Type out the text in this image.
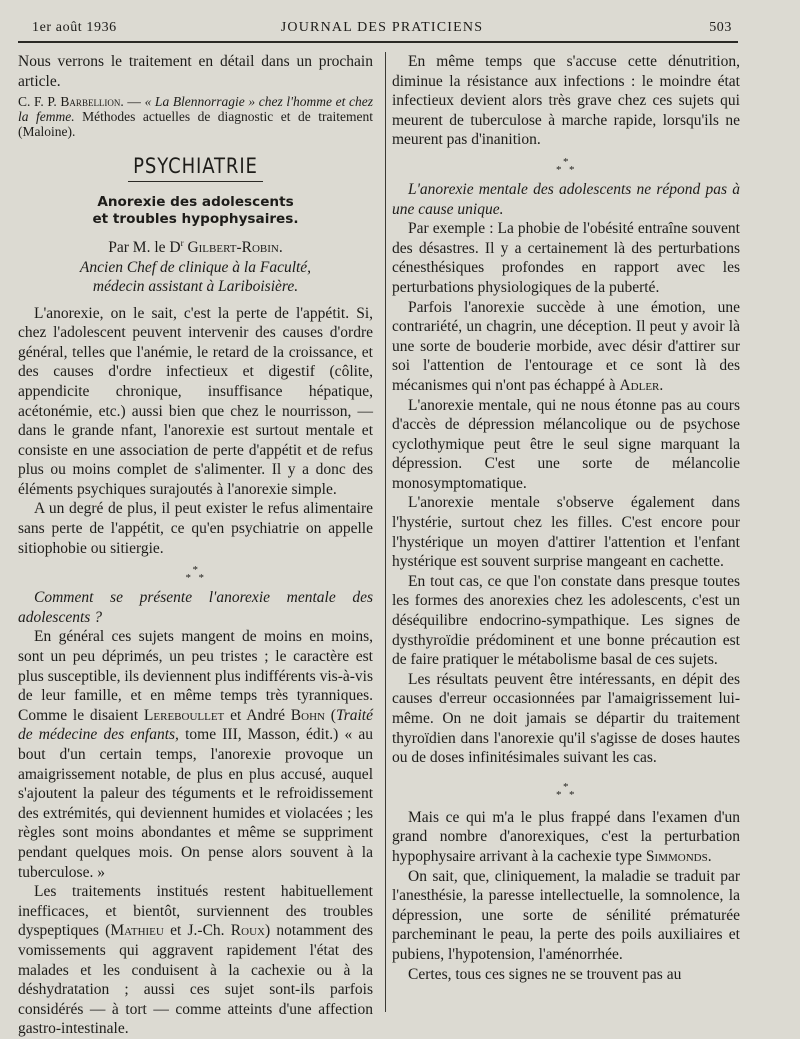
1er août 1936	JOURNAL DES PRATICIENS	503

Nous verrons le traitement en détail dans un prochain article.

C. F. P. Barbellion. — « La Blennorragie » chez l'homme et chez la femme. Méthodes actuelles de diagnostic et de traitement (Maloine).

PSYCHIATRIE
Anorexie des adolescents
et troubles hypophysaires.
Par M. le $D^r$ Gilbert-Robin.
Ancien Chef de clinique à la Faculté,
médecin assistant à Lariboisière.

L'anorexie, on le sait, c'est la perte de l'appétit. Si, chez l'adolescent peuvent intervenir des causes d'ordre général, telles que l'anémie, le retard de la croissance, et des causes d'ordre infectieux et digestif (côlite, appendicite chronique, insuffisance hépatique, acétonémie, etc.) aussi bien que chez le nourrisson, — dans le grande nfant, l'anorexie est surtout mentale et consiste en une association de perte d'appétit et de refus plus ou moins complet de s'alimenter. Il y a donc des éléments psychiques surajoutés à l'anorexie simple.

A un degré de plus, il peut exister le refus alimentaire sans perte de l'appétit, ce qu'en psychiatrie on appelle sitiophobie ou sitiergie.

*
* *

Comment se présente l'anorexie mentale des adolescents ?

En général ces sujets mangent de moins en moins, sont un peu déprimés, un peu tristes ; le caractère est plus susceptible, ils deviennent plus indifférents vis-à-vis de leur famille, et en même temps très tyranniques. Comme le disaient Lereboullet et André Bohn (Traité de médecine des enfants, tome III, Masson, édit.) « au bout d'un certain temps, l'anorexie provoque un amaigrissement notable, de plus en plus accusé, auquel s'ajoutent la paleur des téguments et le refroidissement des extrémités, qui deviennent humides et violacées ; les règles sont moins abondantes et même se suppriment pendant quelques mois. On pense alors souvent à la tuberculose. »

Les traitements institués restent habituellement inefficaces, et bientôt, surviennent des troubles dyspeptiques (Mathieu et J.-Ch. Roux) notamment des vomissements qui aggravent rapidement l'état des malades et les conduisent à la cachexie ou à la déshydratation ; aussi ces sujet sont-ils parfois considérés — à tort — comme atteints d'une affection gastro-intestinale.

En même temps que s'accuse cette dénutrition, diminue la résistance aux infections : le moindre état infectieux devient alors très grave chez ces sujets qui meurent de tuberculose à marche rapide, lorsqu'ils ne meurent pas d'inanition.

*
* *

L'anorexie mentale des adolescents ne répond pas à une cause unique.

Par exemple : La phobie de l'obésité entraîne souvent des désastres. Il y a certainement là des perturbations cénesthésiques profondes en rapport avec les perturbations physiologiques de la puberté.

Parfois l'anorexie succède à une émotion, une contrariété, un chagrin, une déception. Il peut y avoir là une sorte de bouderie morbide, avec désir d'attirer sur soi l'attention de l'entourage et ce sont là des mécanismes qui n'ont pas échappé à Adler.

L'anorexie mentale, qui ne nous étonne pas au cours d'accès de dépression mélancolique ou de psychose cyclothymique peut être le seul signe marquant la dépression. C'est une sorte de mélancolie monosymptomatique.

L'anorexie mentale s'observe également dans l'hystérie, surtout chez les filles. C'est encore pour l'hystérique un moyen d'attirer l'attention et l'enfant hystérique est souvent surprise mangeant en cachette.

En tout cas, ce que l'on constate dans presque toutes les formes des anorexies chez les adolescents, c'est un déséquilibre endocrino-sympathique. Les signes de dysthyroïdie prédominent et une bonne précaution est de faire pratiquer le métabolisme basal de ces sujets.

Les résultats peuvent être intéressants, en dépit des causes d'erreur occasionnées par l'amaigrissement lui-même. On ne doit jamais se départir du traitement thyroïdien dans l'anorexie qu'il s'agisse de doses hautes ou de doses infinitésimales suivant les cas.

*
* *

Mais ce qui m'a le plus frappé dans l'examen d'un grand nombre d'anorexiques, c'est la perturbation hypophysaire arrivant à la cachexie type Simmonds.

On sait, que, cliniquement, la maladie se traduit par l'anesthésie, la paresse intellectuelle, la somnolence, la dépression, une sorte de sénilité prématurée parcheminant le peau, la perte des poils auxiliaires et pubiens, l'hypotension, l'aménorrhée.

Certes, tous ces signes ne se trouvent pas au
